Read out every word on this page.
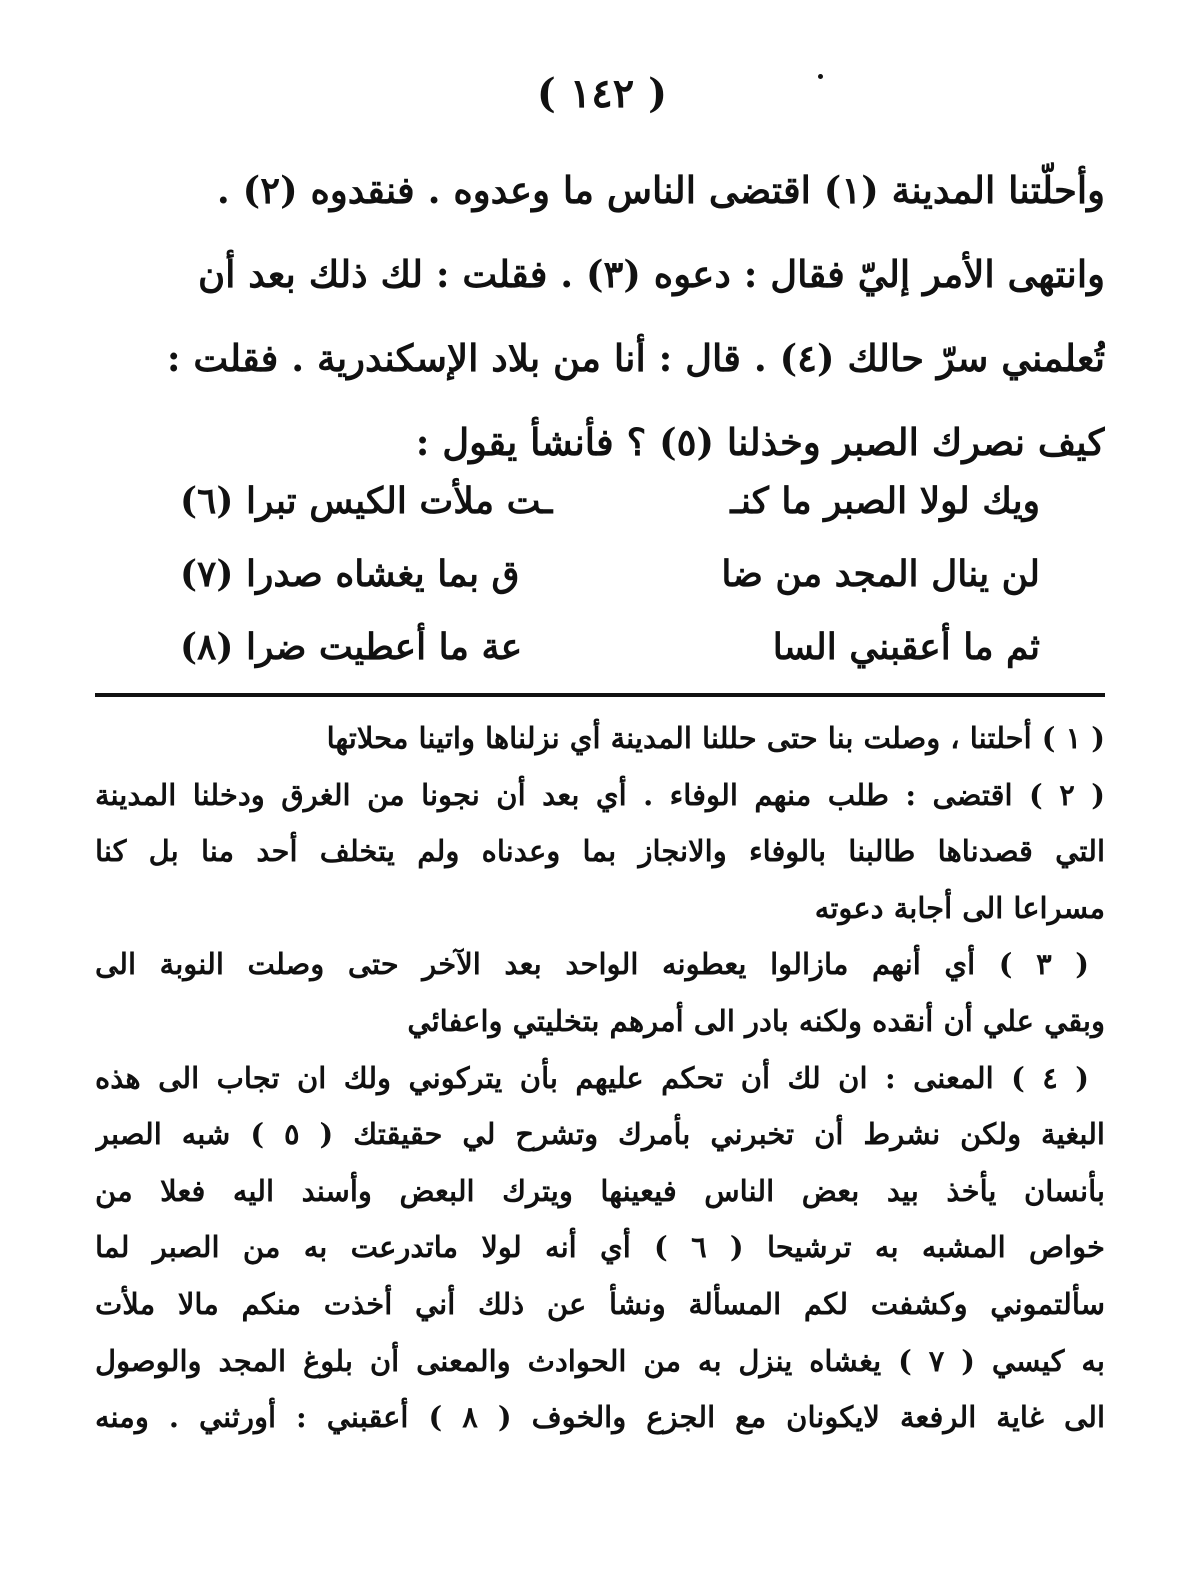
( ١٤٢ )
وأحلّتنا المدينة (١) اقتضى الناس ما وعدوه . فنقدوه (٢) .
وانتهى الأمر إليّ فقال : دعوه (٣) . فقلت : لك ذلك بعد أن
تُعلمني سرّ حالك (٤) . قال : أنا من بلاد الإسكندرية . فقلت :
كيف نصرك الصبر وخذلنا (٥) ؟ فأنشأ يقول :
ويك لولا الصبر ما كنـ
ـت ملأت الكيس تبرا (٦)
لن ينال المجد من ضا
ق بما يغشاه صدرا (٧)
ثم ما أعقبني السا
عة ما أعطيت ضرا (٨)
( ١ ) أحلتنا ، وصلت بنا حتى حللنا المدينة أي نزلناها واتينا محلاتها
( ٢ ) اقتضى : طلب منهم الوفاء . أي بعد أن نجونا من الغرق ودخلنا المدينة
التي قصدناها طالبنا بالوفاء والانجاز بما وعدناه ولم يتخلف أحد منا بل كنا
مسراعا الى أجابة دعوته
( ٣ ) أي أنهم مازالوا يعطونه الواحد بعد الآخر حتى وصلت النوبة الى
وبقي علي أن أنقده ولكنه بادر الى أمرهم بتخليتي واعفائي
( ٤ ) المعنى : ان لك أن تحكم عليهم بأن يتركوني ولك ان تجاب الى هذه
البغية ولكن نشرط أن تخبرني بأمرك وتشرح لي حقيقتك ( ٥ ) شبه الصبر
بأنسان يأخذ بيد بعض الناس فيعينها ويترك البعض وأسند اليه فعلا من
خواص المشبه به ترشيحا ( ٦ ) أي أنه لولا ماتدرعت به من الصبر لما
سألتموني وكشفت لكم المسألة ونشأ عن ذلك أني أخذت منكم مالا ملأت
به كيسي ( ٧ ) يغشاه ينزل به من الحوادث والمعنى أن بلوغ المجد والوصول
الى غاية الرفعة لايكونان مع الجزع والخوف ( ٨ ) أعقبني : أورثني . ومنه
